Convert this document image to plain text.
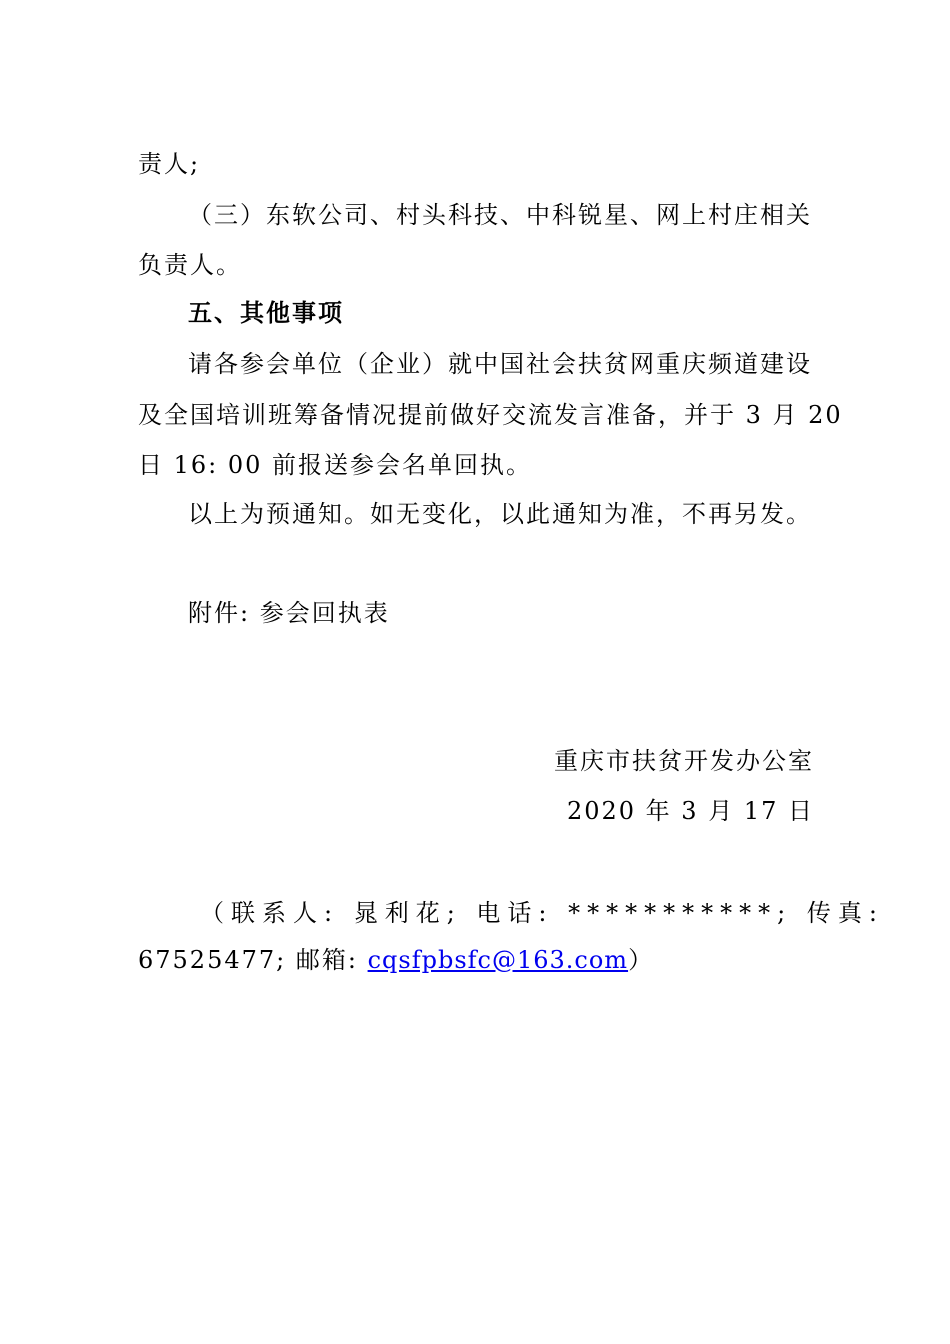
责人;
（三）东软公司、村头科技、中科锐星、网上村庄相关
负责人。
五、其他事项
请各参会单位（企业）就中国社会扶贫网重庆频道建设
及全国培训班筹备情况提前做好交流发言准备，并于 3 月 20
日 16: 00 前报送参会名单回执。
以上为预通知。如无变化，以此通知为准，不再另发。
附件: 参会回执表
重庆市扶贫开发办公室
2020 年 3 月 17 日
（联系人: 晁利花; 电话: ***********; 传真:
67525477; 邮箱: cqsfpbsfc@163.com）
